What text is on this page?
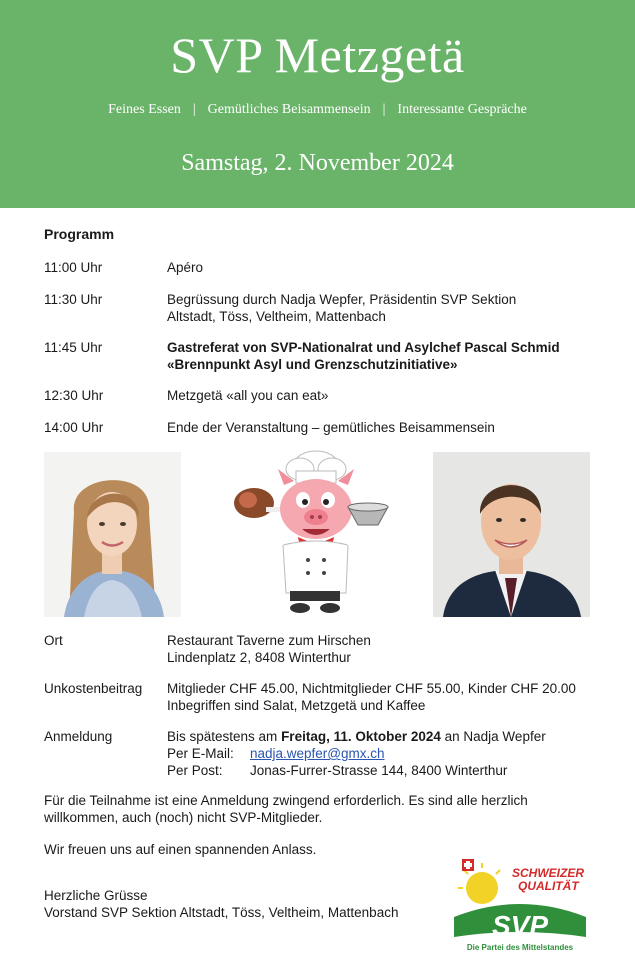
SVP Metzgetä
Feines Essen | Gemütliches Beisammensein | Interessante Gespräche
Samstag, 2. November 2024
Programm
11:00 Uhr	Apéro
11:30 Uhr	Begrüssung durch Nadja Wepfer, Präsidentin SVP Sektion
Altstadt, Töss, Veltheim, Mattenbach
11:45 Uhr	Gastreferat von SVP-Nationalrat und Asylchef Pascal Schmid
«Brennpunkt Asyl und Grenzschutzinitiative»
12:30 Uhr	Metzgetä «all you can eat»
14:00 Uhr	Ende der Veranstaltung – gemütliches Beisammensein
Ort	Restaurant Taverne zum Hirschen
Lindenplatz 2, 8408 Winterthur
Unkostenbeitrag	Mitglieder CHF 45.00, Nichtmitglieder CHF 55.00, Kinder CHF 20.00
Inbegriffen sind Salat, Metzgetä und Kaffee
Anmeldung	Bis spätestens am Freitag, 11. Oktober 2024 an Nadja Wepfer
Per E-Mail:	nadja.wepfer@gmx.ch
Per Post:	Jonas-Furrer-Strasse 144, 8400 Winterthur
Für die Teilnahme ist eine Anmeldung zwingend erforderlich. Es sind alle herzlich willkommen, auch (noch) nicht SVP-Mitglieder.
Wir freuen uns auf einen spannenden Anlass.
Herzliche Grüsse
Vorstand SVP Sektion Altstadt, Töss, Veltheim, Mattenbach
SCHWEIZER
QUALITÄT
SVP
Die Partei des Mittelstandes
